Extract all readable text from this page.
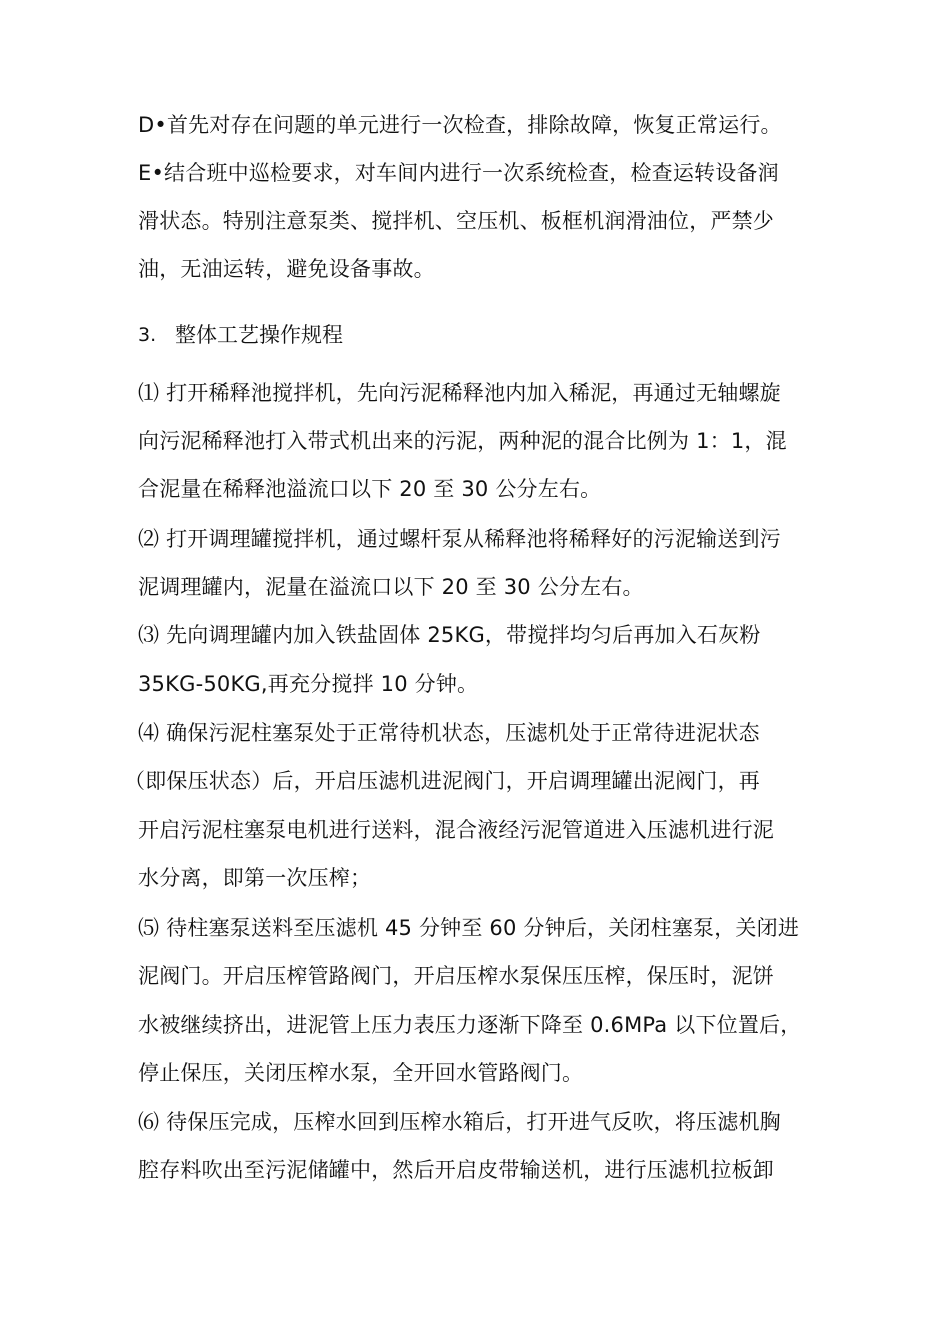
D•首先对存在问题的单元进行一次检查，排除故障，恢复正常运行。
E•结合班中巡检要求，对车间内进行一次系统检查，检查运转设备润
滑状态。特别注意泵类、搅拌机、空压机、板框机润滑油位，严禁少
油，无油运转，避免设备事故。
3. 整体工艺操作规程
⑴ 打开稀释池搅拌机，先向污泥稀释池内加入稀泥，再通过无轴螺旋
向污泥稀释池打入带式机出来的污泥，两种泥的混合比例为 1：1，混
合泥量在稀释池溢流口以下 20 至 30 公分左右。
⑵ 打开调理罐搅拌机，通过螺杆泵从稀释池将稀释好的污泥输送到污
泥调理罐内，泥量在溢流口以下 20 至 30 公分左右。
⑶ 先向调理罐内加入铁盐固体 25KG，带搅拌均匀后再加入石灰粉
35KG-50KG,再充分搅拌 10 分钟。
⑷ 确保污泥柱塞泵处于正常待机状态，压滤机处于正常待进泥状态
（即保压状态）后，开启压滤机进泥阀门，开启调理罐出泥阀门，再
开启污泥柱塞泵电机进行送料，混合液经污泥管道进入压滤机进行泥
水分离，即第一次压榨；
⑸ 待柱塞泵送料至压滤机 45 分钟至 60 分钟后，关闭柱塞泵，关闭进
泥阀门。开启压榨管路阀门，开启压榨水泵保压压榨，保压时，泥饼
水被继续挤出，进泥管上压力表压力逐渐下降至 0.6MPa 以下位置后，
停止保压，关闭压榨水泵，全开回水管路阀门。
⑹ 待保压完成，压榨水回到压榨水箱后，打开进气反吹，将压滤机胸
腔存料吹出至污泥储罐中，然后开启皮带输送机，进行压滤机拉板卸
